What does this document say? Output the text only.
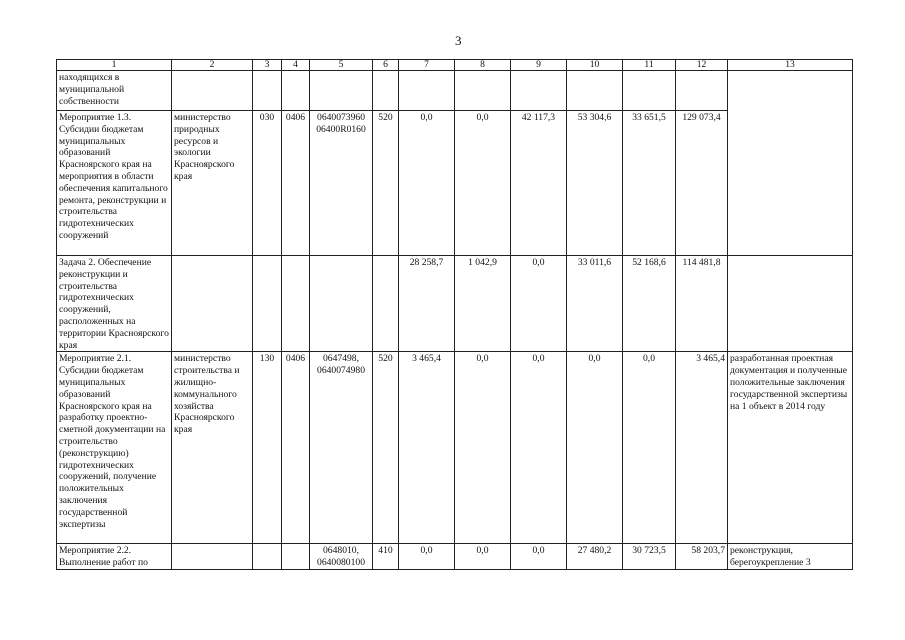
3
1	2	3	4	5	6	7	8	9	10	11	12	13
находящихся в муниципальной собственности												
Мероприятие 1.3. Субсидии бюджетам муниципальных образований Красноярского края на мероприятия в области обеспечения капитального ремонта, реконструкции и строительства гидротехнических сооружений	министерство природных ресурсов и экологии Красноярского края	030	0406	0640073960 06400R0160	520	0,0	0,0	42 117,3	53 304,6	33 651,5	129 073,4	
Задача 2. Обеспечение реконструкции и строительства гидротехнических сооружений, расположенных на территории Красноярского края						28 258,7	1 042,9	0,0	33 011,6	52 168,6	114 481,8	
Мероприятие 2.1. Субсидии бюджетам муниципальных образований Красноярского края на разработку проектно-сметной документации на строительство (реконструкцию) гидротехнических сооружений, получение положительных заключения государственной экспертизы	министерство строительства и жилищно-коммунального хозяйства Красноярского края	130	0406	0647498, 0640074980	520	3 465,4	0,0	0,0	0,0	0,0	3 465,4	разработанная проектная документация и полученные положительные заключения государственной экспертизы на 1 объект в 2014 году
Мероприятие 2.2. Выполнение работ по				0648010, 0640080100	410	0,0	0,0	0,0	27 480,2	30 723,5	58 203,7	реконструкция, берегоукрепление 3
